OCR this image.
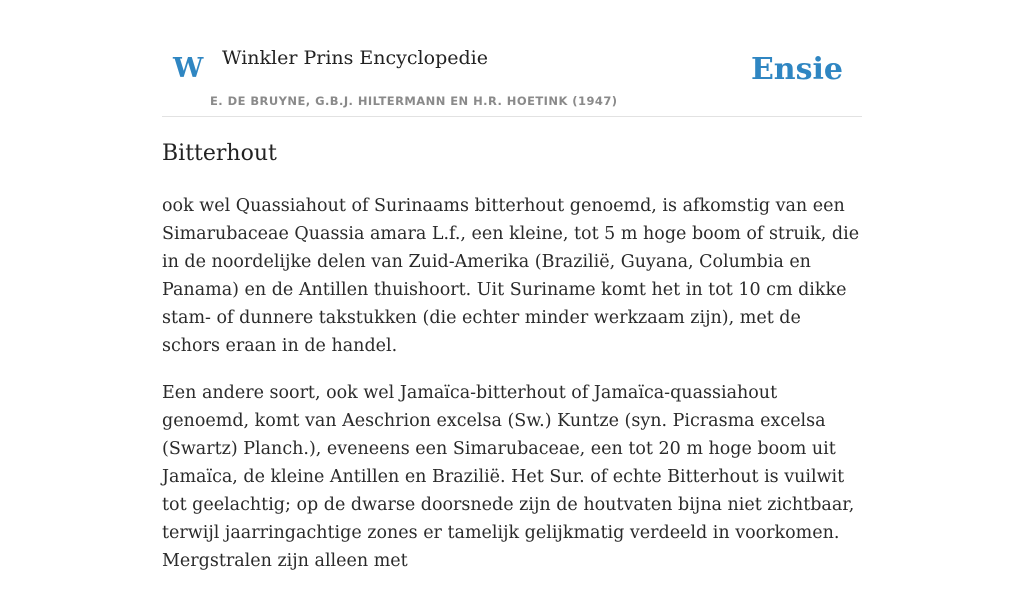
W Winkler Prins Encyclopedie
E. DE BRUYNE, G.B.J. HILTERMANN EN H.R. HOETINK (1947)
Ensie
Bitterhout

ook wel Quassiahout of Surinaams bitterhout genoemd, is afkomstig van een Simarubaceae Quassia amara L.f., een kleine, tot 5 m hoge boom of struik, die in de noordelijke delen van Zuid-Amerika (Brazilië, Guyana, Columbia en Panama) en de Antillen thuishoort. Uit Suriname komt het in tot 10 cm dikke stam- of dunnere takstukken (die echter minder werkzaam zijn), met de schors eraan in de handel.

Een andere soort, ook wel Jamaïca-bitterhout of Jamaïca-quassiahout genoemd, komt van Aeschrion excelsa (Sw.) Kuntze (syn. Picrasma excelsa (Swartz) Planch.), eveneens een Simarubaceae, een tot 20 m hoge boom uit Jamaïca, de kleine Antillen en Brazilië. Het Sur. of echte Bitterhout is vuilwit tot geelachtig; op de dwarse doorsnede zijn de houtvaten bijna niet zichtbaar, terwijl jaarringachtige zones er tamelijk gelijkmatig verdeeld in voorkomen. Mergstralen zijn alleen met
